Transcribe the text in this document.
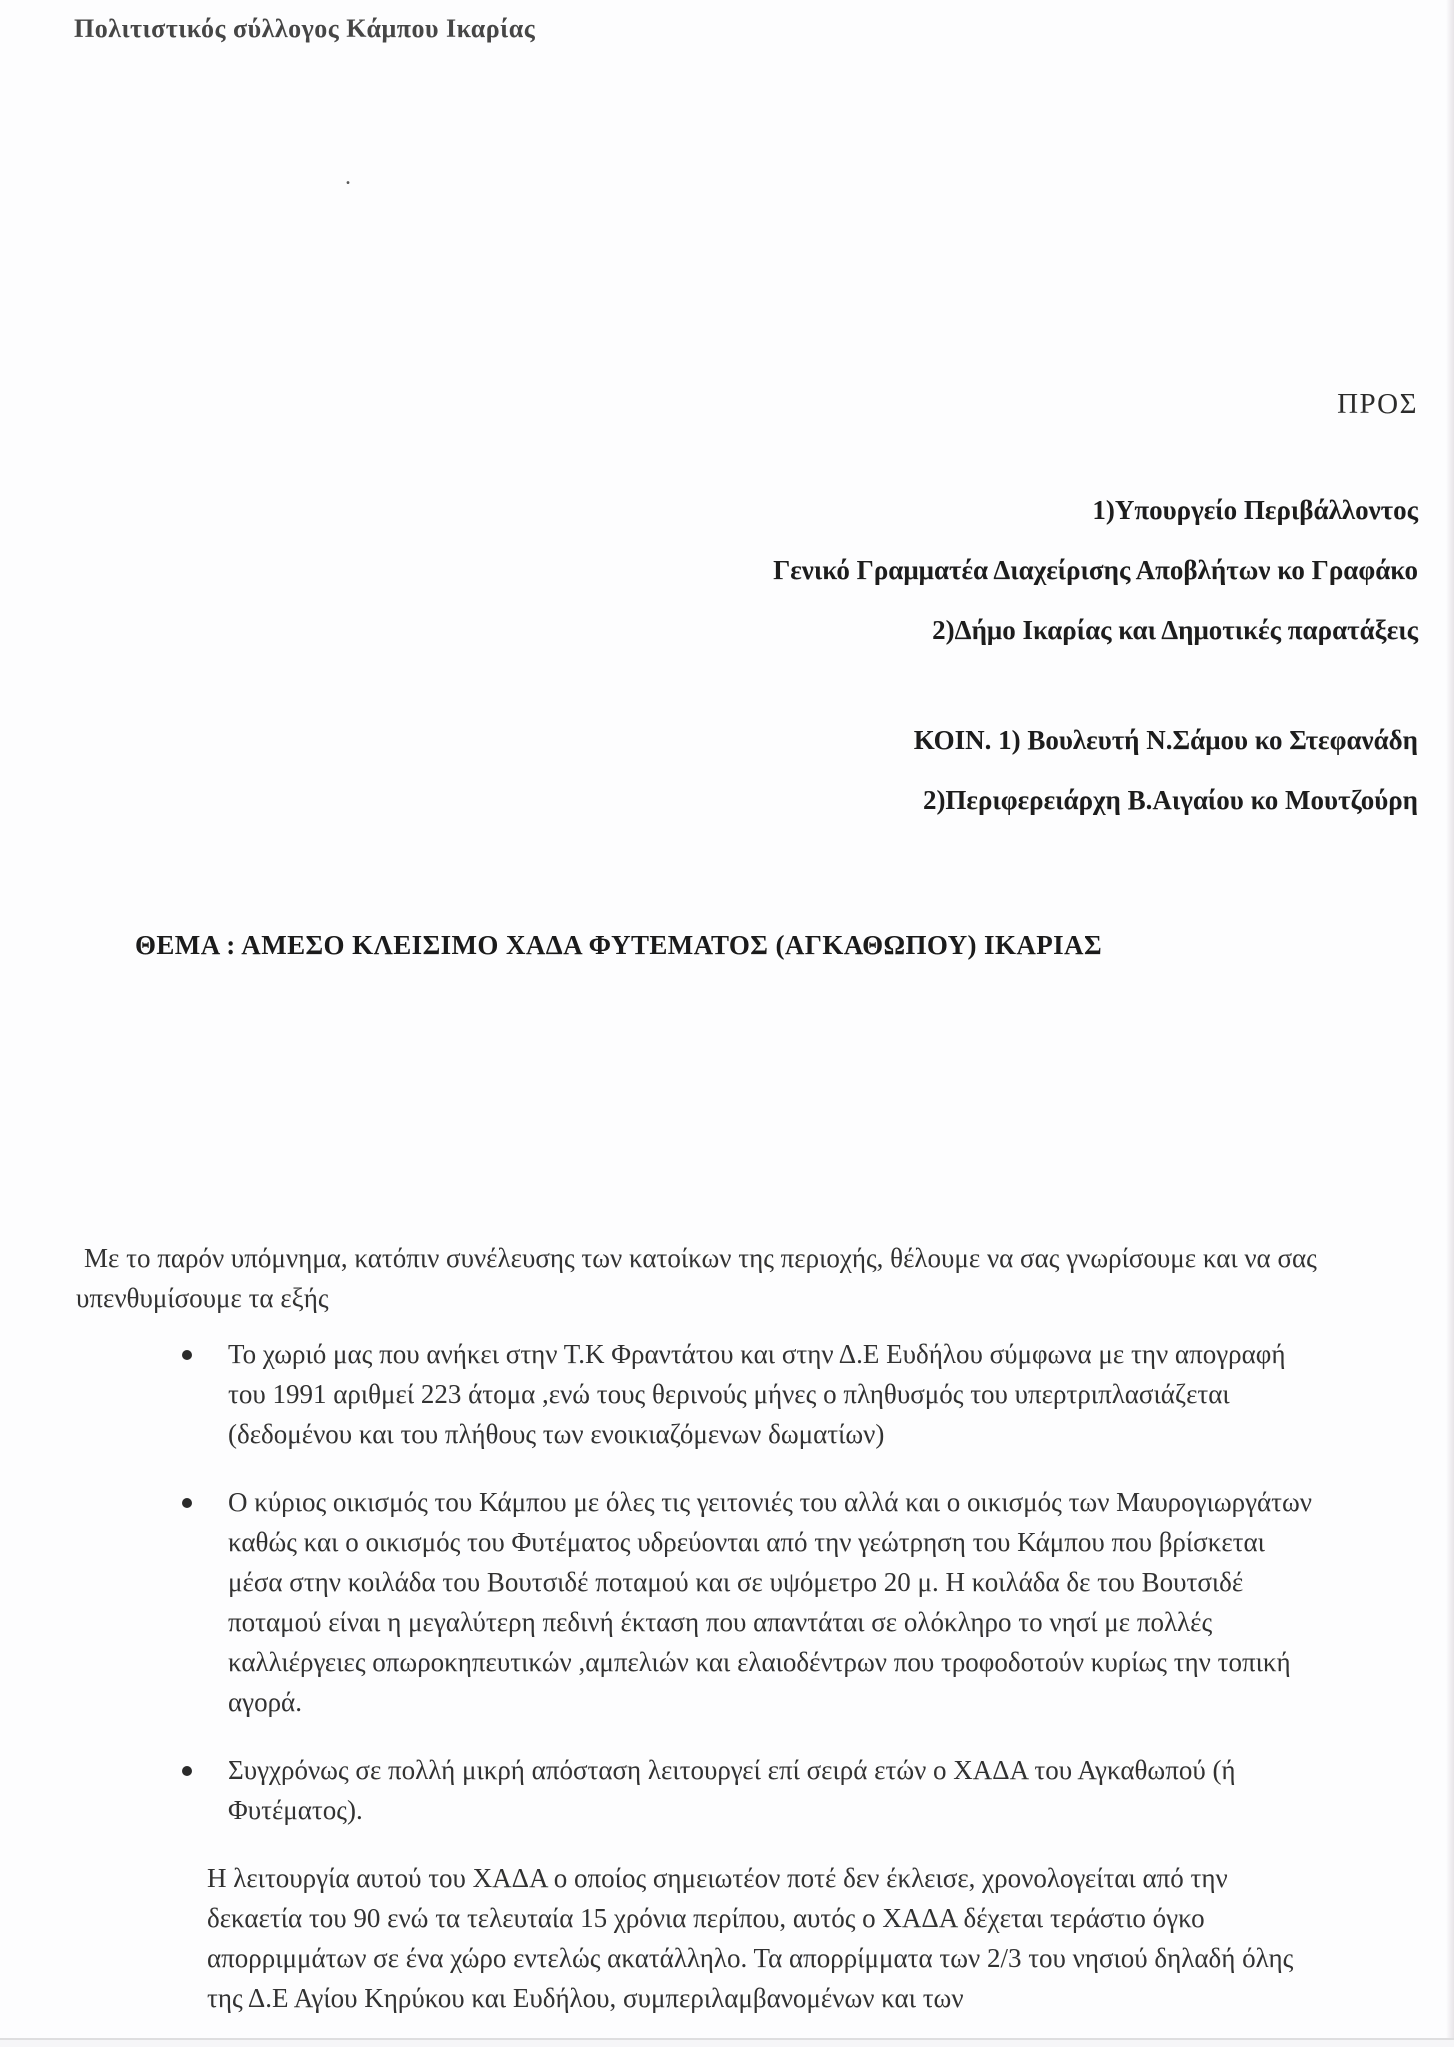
Πολιτιστικός σύλλογος Κάμπου Ικαρίας
.
ΠΡΟΣ
1)Υπουργείο Περιβάλλοντος
Γενικό Γραμματέα Διαχείρισης Αποβλήτων κο Γραφάκο
2)Δήμο Ικαρίας και Δημοτικές παρατάξεις
ΚΟΙΝ. 1) Βουλευτή Ν.Σάμου κο Στεφανάδη
2)Περιφερειάρχη Β.Αιγαίου κο Μουτζούρη
ΘΕΜΑ : ΑΜΕΣΟ ΚΛΕΙΣΙΜΟ ΧΑΔΑ ΦΥΤΕΜΑΤΟΣ (ΑΓΚΑΘΩΠΟΥ) ΙΚΑΡΙΑΣ
Με το παρόν υπόμνημα, κατόπιν συνέλευσης των κατοίκων της περιοχής, θέλουμε να σας γνωρίσουμε και να σας υπενθυμίσουμε τα εξής
Το χωριό μας που ανήκει στην Τ.Κ Φραντάτου και στην Δ.Ε Ευδήλου σύμφωνα με την απογραφή του 1991 αριθμεί 223 άτομα ,ενώ τους θερινούς μήνες ο πληθυσμός του υπερτριπλασιάζεται (δεδομένου και του πλήθους των ενοικιαζόμενων δωματίων)
Ο κύριος οικισμός του Κάμπου με όλες τις γειτονιές του αλλά και ο οικισμός των Μαυρογιωργάτων καθώς και ο οικισμός του Φυτέματος υδρεύονται από την γεώτρηση του Κάμπου που βρίσκεται μέσα στην κοιλάδα του Βουτσιδέ ποταμού και σε υψόμετρο 20 μ. Η κοιλάδα δε του Βουτσιδέ ποταμού είναι η μεγαλύτερη πεδινή έκταση που απαντάται σε ολόκληρο το νησί με πολλές καλλιέργειες οπωροκηπευτικών ,αμπελιών και ελαιοδέντρων που τροφοδοτούν κυρίως την τοπική αγορά.
Συγχρόνως σε πολλή μικρή απόσταση λειτουργεί επί σειρά ετών ο ΧΑΔΑ του Αγκαθωπού (ή Φυτέματος).
Η λειτουργία αυτού του ΧΑΔΑ ο οποίος σημειωτέον ποτέ δεν έκλεισε, χρονολογείται από την δεκαετία του 90 ενώ τα τελευταία 15 χρόνια περίπου, αυτός ο ΧΑΔΑ δέχεται τεράστιο όγκο απορριμμάτων σε ένα χώρο εντελώς ακατάλληλο. Τα απορρίμματα των 2/3 του νησιού δηλαδή όλης της Δ.Ε Αγίου Κηρύκου και Ευδήλου, συμπεριλαμβανομένων και των
